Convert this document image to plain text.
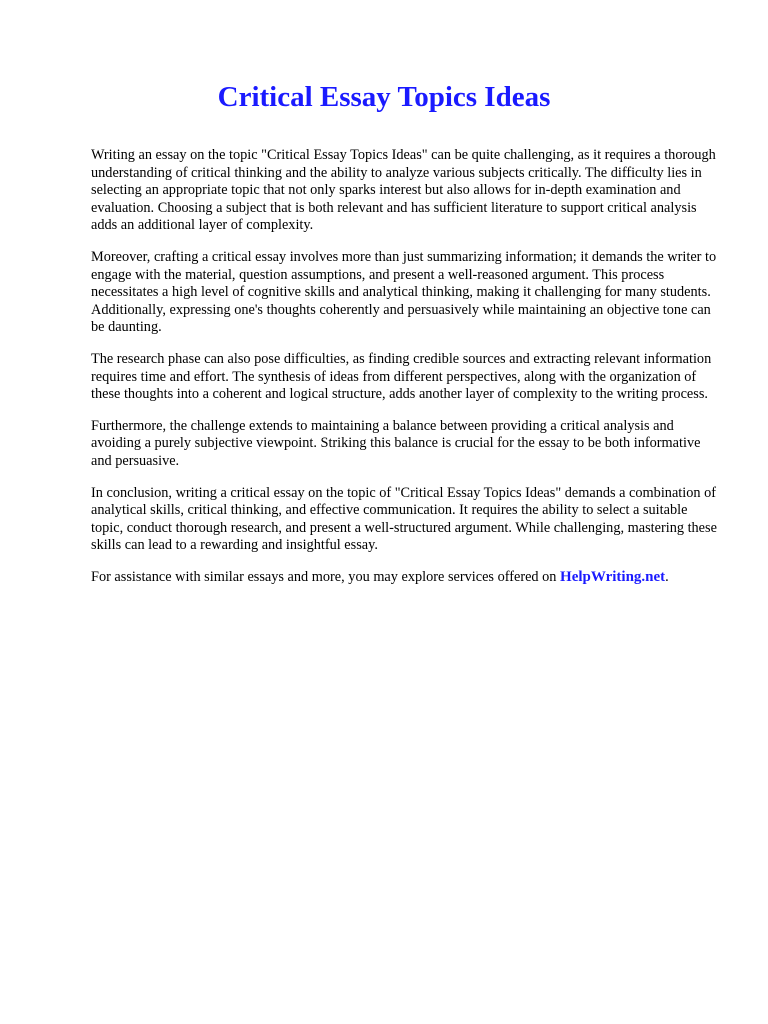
Critical Essay Topics Ideas

Writing an essay on the topic "Critical Essay Topics Ideas" can be quite challenging, as it requires a thorough understanding of critical thinking and the ability to analyze various subjects critically. The difficulty lies in selecting an appropriate topic that not only sparks interest but also allows for in-depth examination and evaluation. Choosing a subject that is both relevant and has sufficient literature to support critical analysis adds an additional layer of complexity.

Moreover, crafting a critical essay involves more than just summarizing information; it demands the writer to engage with the material, question assumptions, and present a well-reasoned argument. This process necessitates a high level of cognitive skills and analytical thinking, making it challenging for many students. Additionally, expressing one's thoughts coherently and persuasively while maintaining an objective tone can be daunting.

The research phase can also pose difficulties, as finding credible sources and extracting relevant information requires time and effort. The synthesis of ideas from different perspectives, along with the organization of these thoughts into a coherent and logical structure, adds another layer of complexity to the writing process.

Furthermore, the challenge extends to maintaining a balance between providing a critical analysis and avoiding a purely subjective viewpoint. Striking this balance is crucial for the essay to be both informative and persuasive.

In conclusion, writing a critical essay on the topic of "Critical Essay Topics Ideas" demands a combination of analytical skills, critical thinking, and effective communication. It requires the ability to select a suitable topic, conduct thorough research, and present a well-structured argument. While challenging, mastering these skills can lead to a rewarding and insightful essay.

For assistance with similar essays and more, you may explore services offered on HelpWriting.net.
